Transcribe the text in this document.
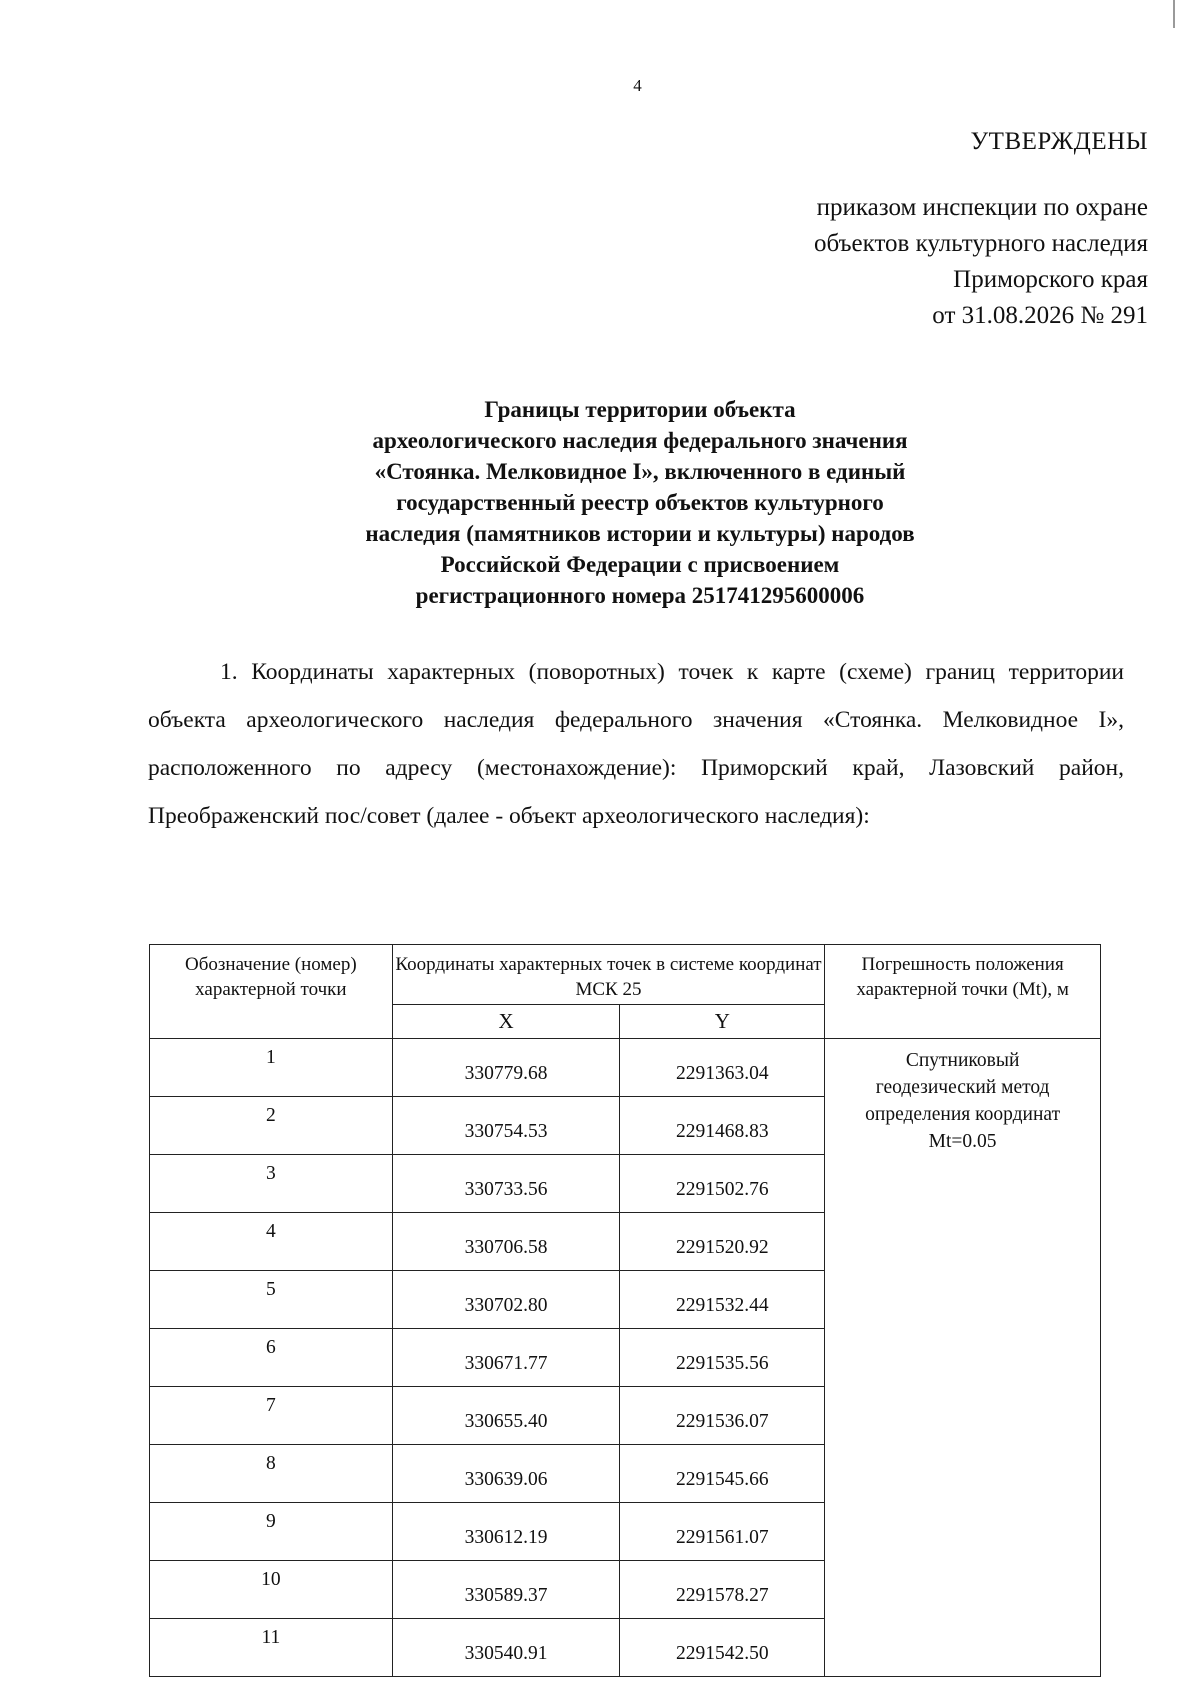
4
УТВЕРЖДЕНЫ
приказом инспекции по охране
объектов культурного наследия
Приморского края
от 31.08.2026 № 291
Границы территории объекта
археологического наследия федерального значения
«Стоянка. Мелковидное I», включенного в единый
государственный реестр объектов культурного
наследия (памятников истории и культуры) народов
Российской Федерации с присвоением
регистрационного номера 251741295600006
1. Координаты характерных (поворотных) точек к карте (схеме) границ территории объекта археологического наследия федерального значения «Стоянка. Мелковидное I», расположенного по адресу (местонахождение): Приморский край, Лазовский район, Преображенский пос/совет (далее - объект археологического наследия):
Обозначение (номер) характерной точки	Координаты характерных точек в системе координат МСК 25		Погрешность положения характерной точки (Mt), м
	X	Y	
1	330779.68	2291363.04	Спутниковый
геодезический метод
определения координат
Mt=0.05

2	330754.53	2291468.83	
3	330733.56	2291502.76	
4	330706.58	2291520.92	
5	330702.80	2291532.44	
6	330671.77	2291535.56	
7	330655.40	2291536.07	
8	330639.06	2291545.66	
9	330612.19	2291561.07	
10	330589.37	2291578.27	
11	330540.91	2291542.50	
